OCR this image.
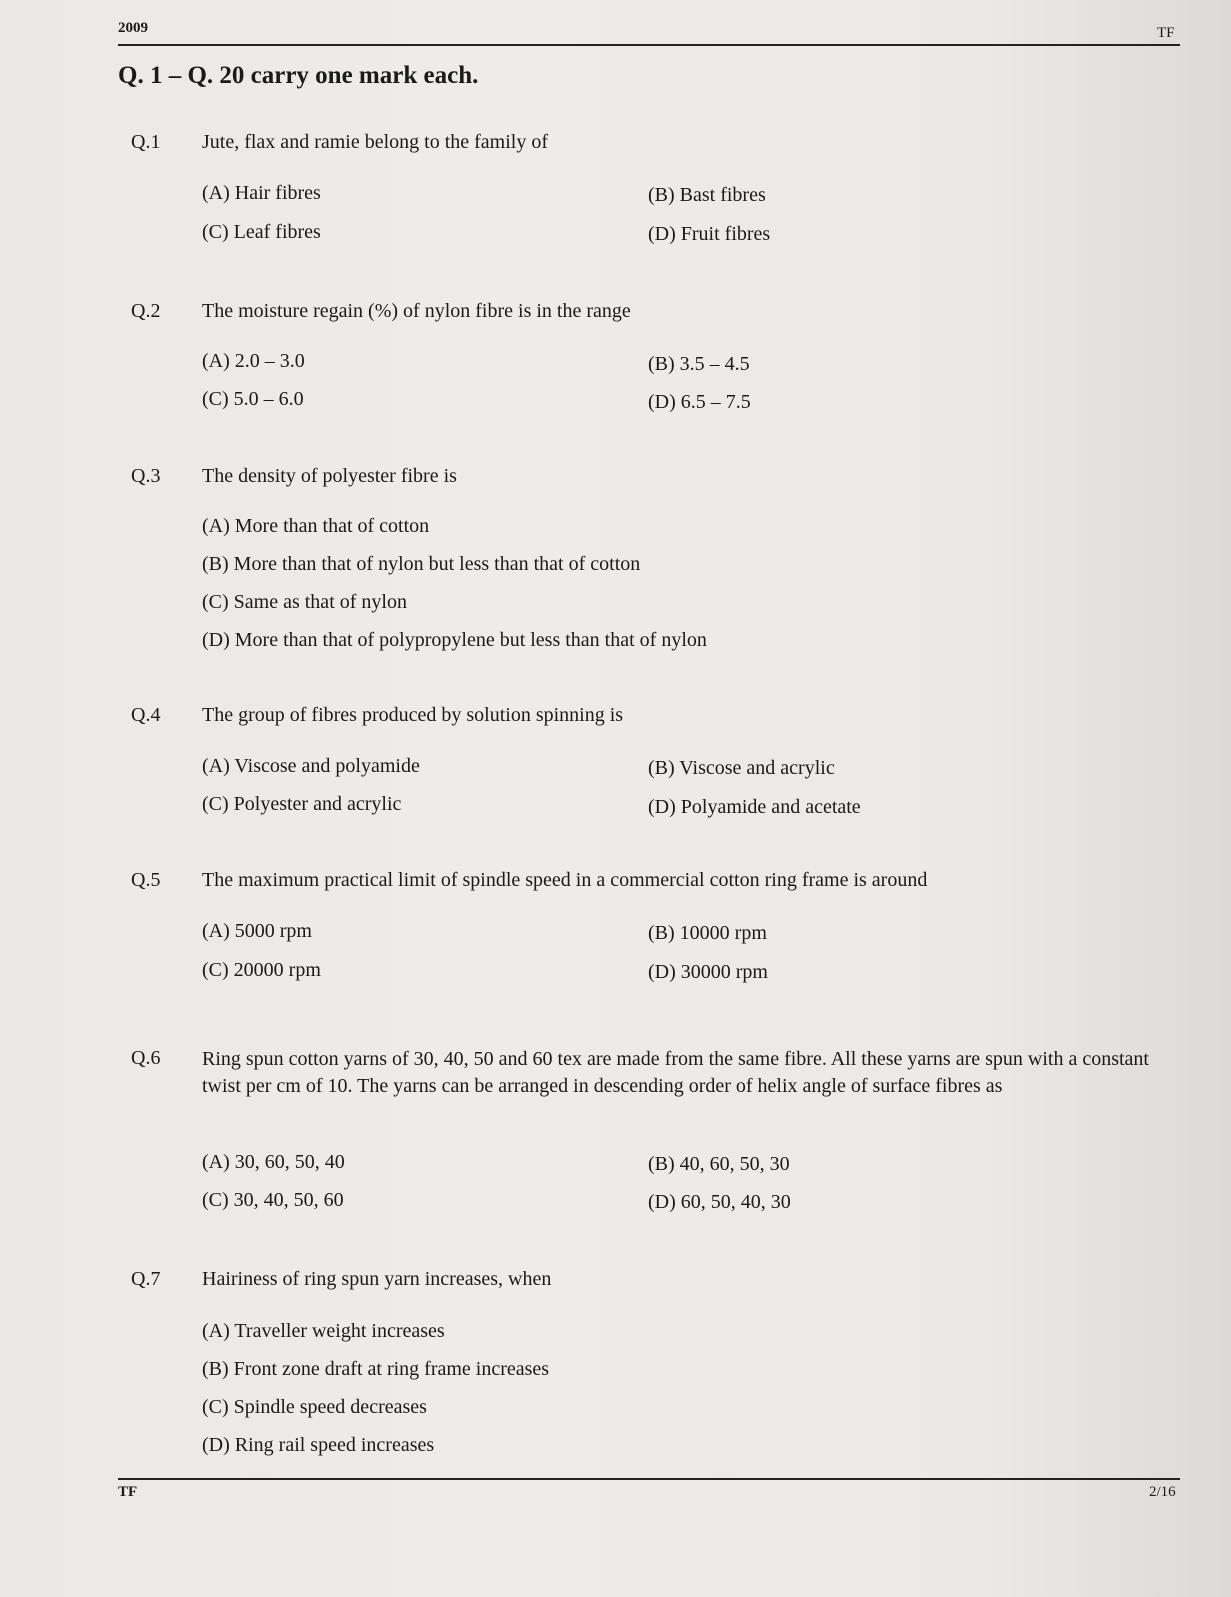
2009	TF
Q. 1 – Q. 20 carry one mark each.
Q.1 Jute, flax and ramie belong to the family of
(A) Hair fibres	(B) Bast fibres
(C) Leaf fibres	(D) Fruit fibres
Q.2 The moisture regain (%) of nylon fibre is in the range
(A) 2.0 – 3.0	(B) 3.5 – 4.5
(C) 5.0 – 6.0	(D) 6.5 – 7.5
Q.3 The density of polyester fibre is
(A) More than that of cotton
(B) More than that of nylon but less than that of cotton
(C) Same as that of nylon
(D) More than that of polypropylene but less than that of nylon
Q.4 The group of fibres produced by solution spinning is
(A) Viscose and polyamide	(B) Viscose and acrylic
(C) Polyester and acrylic	(D) Polyamide and acetate
Q.5 The maximum practical limit of spindle speed in a commercial cotton ring frame is around
(A) 5000 rpm	(B) 10000 rpm
(C) 20000 rpm	(D) 30000 rpm
Q.6 Ring spun cotton yarns of 30, 40, 50 and 60 tex are made from the same fibre. All these yarns are spun with a constant twist per cm of 10. The yarns can be arranged in descending order of helix angle of surface fibres as
(A) 30, 60, 50, 40	(B) 40, 60, 50, 30
(C) 30, 40, 50, 60	(D) 60, 50, 40, 30
Q.7 Hairiness of ring spun yarn increases, when
(A) Traveller weight increases
(B) Front zone draft at ring frame increases
(C) Spindle speed decreases
(D) Ring rail speed increases
TF	2/16
